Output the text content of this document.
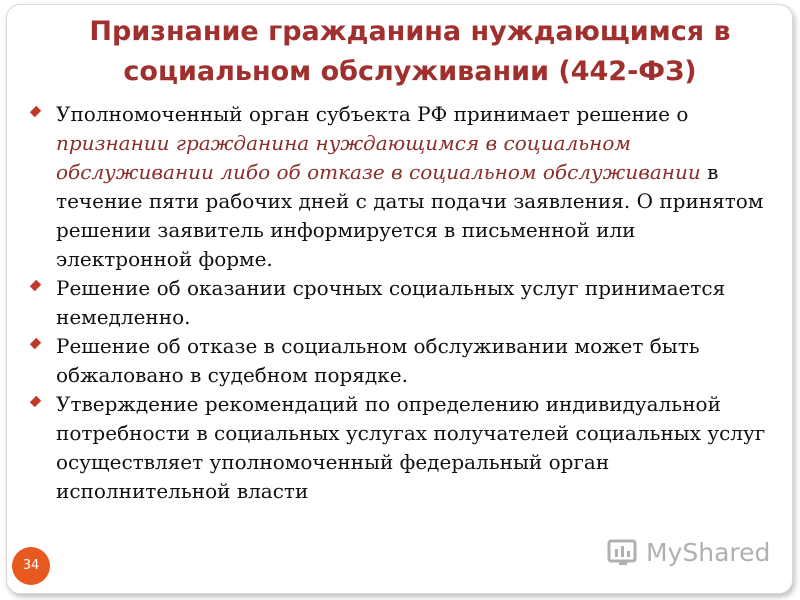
Признание гражданина нуждающимся в социальном обслуживании (442-ФЗ)
Уполномоченный орган субъекта РФ принимает решение о признании гражданина нуждающимся в социальном обслуживании либо об отказе в социальном обслуживании в течение пяти рабочих дней с даты подачи заявления. О принятом решении заявитель информируется в письменной или электронной форме.
Решение об оказании срочных социальных услуг принимается немедленно.
Решение об отказе в социальном обслуживании может быть обжаловано в судебном порядке.
Утверждение рекомендаций по определению индивидуальной потребности в социальных услугах получателей социальных услуг осуществляет уполномоченный федеральный орган исполнительной власти
34	MyShared
